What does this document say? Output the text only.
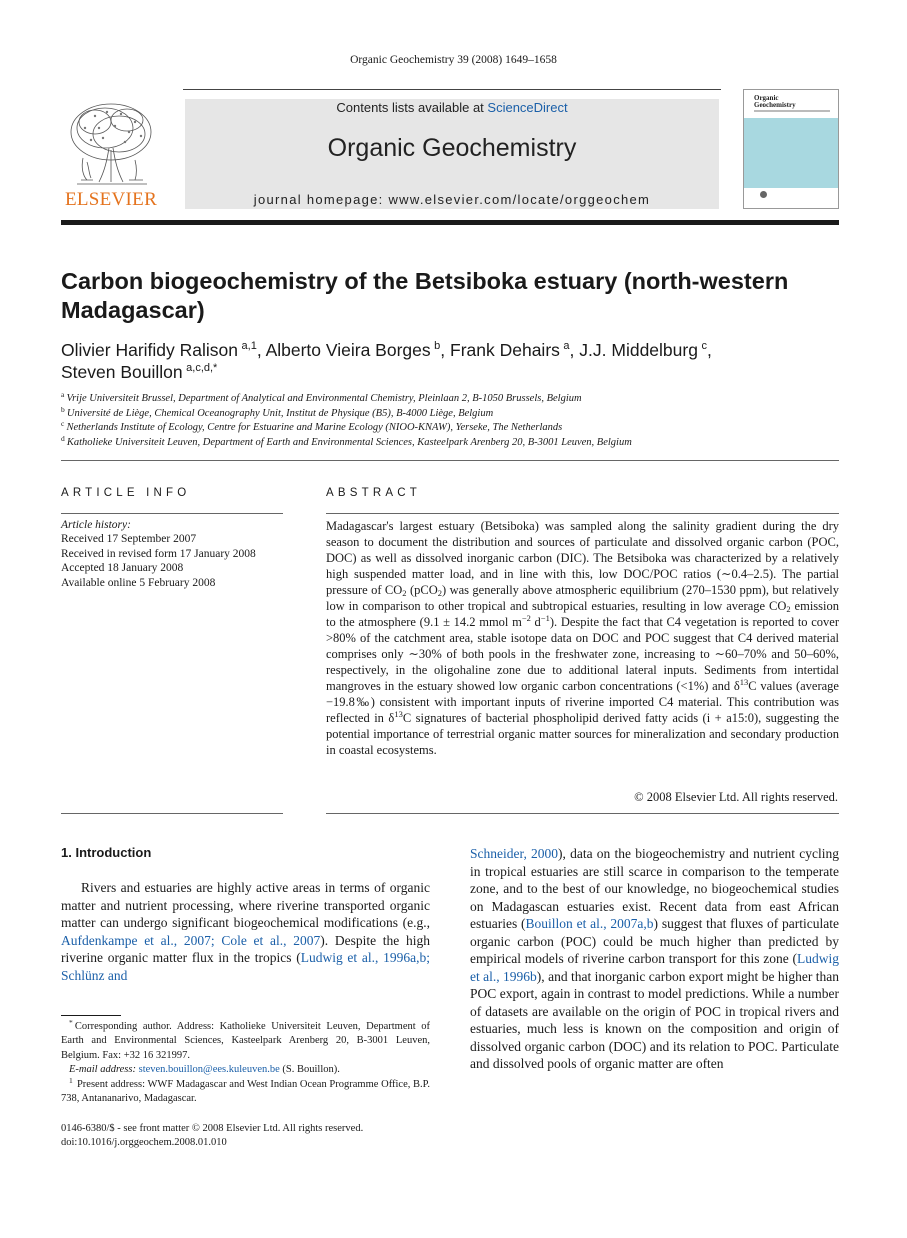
Organic Geochemistry 39 (2008) 1649–1658
ELSEVIER
Contents lists available at ScienceDirect
Organic Geochemistry
journal homepage: www.elsevier.com/locate/orggeochem
Organic
Geochemistry
Carbon biogeochemistry of the Betsiboka estuary (north-western Madagascar)
Olivier Harifidy Ralison  $^{a,1}$, Alberto Vieira Borges  $^b$, Frank Dehairs  $^a$, J.J. Middelburg  $^c$,
Steven Bouillon  $^{a,c,d,*}$
$^a$  Vrije Universiteit Brussel, Department of Analytical and Environmental Chemistry, Pleinlaan 2, B-1050 Brussels, Belgium
$^b$  Université de Liège, Chemical Oceanography Unit, Institut de Physique (B5), B-4000 Liège, Belgium
$^c$  Netherlands Institute of Ecology, Centre for Estuarine and Marine Ecology (NIOO-KNAW), Yerseke, The Netherlands
$^d$  Katholieke Universiteit Leuven, Department of Earth and Environmental Sciences, Kasteelpark Arenberg 20, B-3001 Leuven, Belgium
ARTICLE INFO
Article history:
Received 17 September 2007
Received in revised form 17 January 2008
Accepted 18 January 2008
Available online 5 February 2008
ABSTRACT
Madagascar's largest estuary (Betsiboka) was sampled along the salinity gradient during the dry season to document the distribution and sources of particulate and dissolved organic carbon (POC, DOC) as well as dissolved inorganic carbon (DIC). The Betsiboka was characterized by a relatively high suspended matter load, and in line with this, low DOC/POC ratios (∼0.4–2.5). The partial pressure of $CO_2$ (pCO$_2$) was generally above atmospheric equilibrium (270–1530 ppm), but relatively low in comparison to other tropical and subtropical estuaries, resulting in low average $CO_2$ emission to the atmosphere (9.1 ± 14.2 mmol $m^{-2}$ $d^{-1}$). Despite the fact that C4 vegetation is reported to cover >80% of the catchment area, stable isotope data on DOC and POC suggest that C4 derived material comprises only ∼30% of both pools in the freshwater zone, increasing to ∼60–70% and 50–60%, respectively, in the oligohaline zone due to additional lateral inputs. Sediments from intertidal mangroves in the estuary showed low organic carbon concentrations (<1%) and $\delta^{13}C$ values (average −19.8‰) consistent with important inputs of riverine imported C4 material. This contribution was reflected in $\delta^{13}C$ signatures of bacterial phospholipid derived fatty acids (i + a15:0), suggesting the potential importance of terrestrial organic matter sources for mineralization and secondary production in coastal ecosystems.
© 2008 Elsevier Ltd. All rights reserved.
1. Introduction

Rivers and estuaries are highly active areas in terms of organic matter and nutrient processing, where riverine transported organic matter can undergo significant biogeochemical modifications (e.g., Aufdenkampe et al., 2007; Cole et al., 2007). Despite the high riverine organic matter flux in the tropics (Ludwig et al., 1996a,b; Schlünz and

Schneider, 2000), data on the biogeochemistry and nutrient cycling in tropical estuaries are still scarce in comparison to the temperate zone, and to the best of our knowledge, no biogeochemical studies on Madagascan estuaries exist. Recent data from east African estuaries (Bouillon et al., 2007a,b) suggest that fluxes of particulate organic carbon (POC) could be much higher than predicted by empirical models of riverine carbon transport for this zone (Ludwig et al., 1996b), and that inorganic carbon export might be higher than POC export, again in contrast to model predictions. While a number of datasets are available on the origin of POC in tropical rivers and estuaries, much less is known on the composition and origin of dissolved organic carbon (DOC) and its relation to POC. Particulate and dissolved pools of organic matter are often

*  Corresponding author. Address: Katholieke Universiteit Leuven, Department of Earth and Environmental Sciences, Kasteelpark Arenberg 20, B-3001 Leuven, Belgium. Fax: +32 16 321997.

E-mail address: steven.bouillon@ees.kuleuven.be (S. Bouillon).

$^1$   Present address: WWF Madagascar and West Indian Ocean Programme Office, B.P. 738, Antananarivo, Madagascar.

0146-6380/$ - see front matter © 2008 Elsevier Ltd. All rights reserved.
doi:10.1016/j.orggeochem.2008.01.010
